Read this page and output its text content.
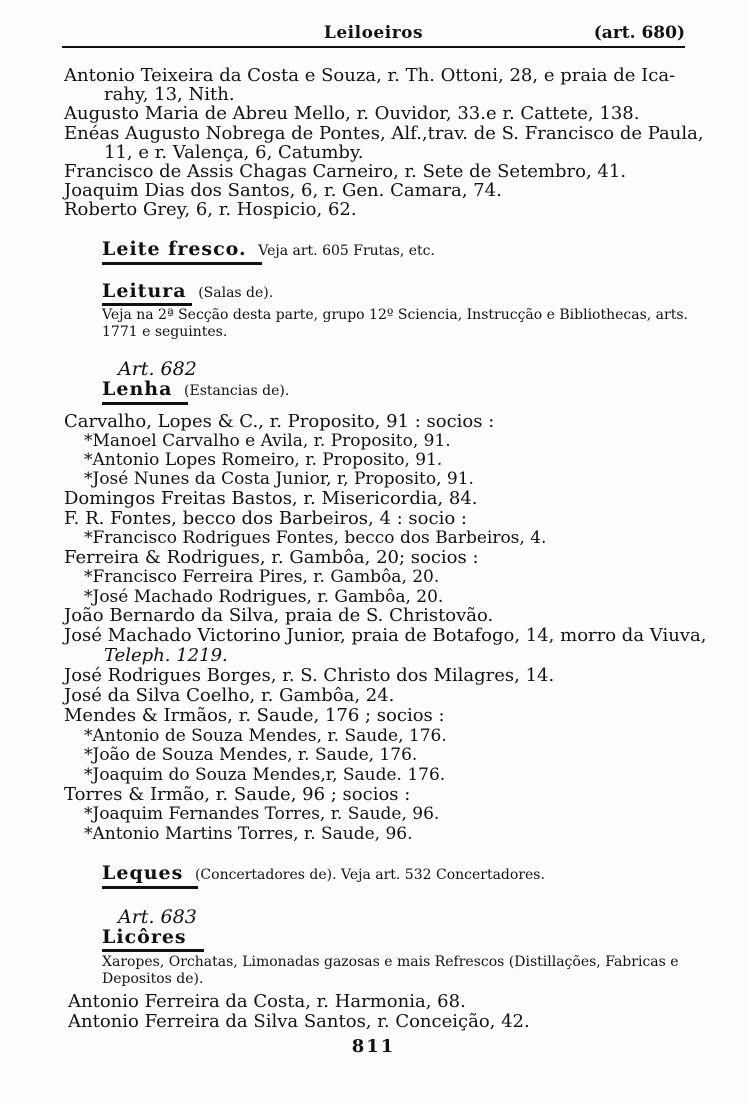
Leiloeiros	(art. 680)
Antonio Teixeira da Costa e Souza, r. Th. Ottoni, 28, e praia de Ica-
rahy, 13, Nith.
Augusto Maria de Abreu Mello, r. Ouvidor, 33.e r. Cattete, 138.
Enéas Augusto Nobrega de Pontes, Alf.,trav. de S. Francisco de Paula,
11, e r. Valença, 6, Catumby.
Francisco de Assis Chagas Carneiro, r. Sete de Setembro, 41.
Joaquim Dias dos Santos, 6, r. Gen. Camara, 74.
Roberto Grey, 6, r. Hospicio, 62.
Leite fresco. Veja art. 605 Frutas, etc.
Leitura (Salas de).
Veja na 2ª Secção desta parte, grupo 12º Sciencia, Instrucção e Bibliothecas, arts.
1771 e seguintes.
Art. 682
Lenha (Estancias de).
Carvalho, Lopes & C., r. Proposito, 91 : socios :
*Manoel Carvalho e Avila, r. Proposito, 91.
*Antonio Lopes Romeiro, r. Proposito, 91.
*José Nunes da Costa Junior, r, Proposito, 91.
Domingos Freitas Bastos, r. Misericordia, 84.
F. R. Fontes, becco dos Barbeiros, 4 : socio :
*Francisco Rodrigues Fontes, becco dos Barbeiros, 4.
Ferreira & Rodrigues, r. Gambôa, 20; socios :
*Francisco Ferreira Pires, r. Gambôa, 20.
*José Machado Rodrigues, r. Gambôa, 20.
João Bernardo da Silva, praia de S. Christovão.
José Machado Victorino Junior, praia de Botafogo, 14, morro da Viuva,
Teleph. 1219.
José Rodrigues Borges, r. S. Christo dos Milagres, 14.
José da Silva Coelho, r. Gambôa, 24.
Mendes & Irmãos, r. Saude, 176 ; socios :
*Antonio de Souza Mendes, r. Saude, 176.
*João de Souza Mendes, r. Saude, 176.
*Joaquim do Souza Mendes,r, Saude. 176.
Torres & Irmão, r. Saude, 96 ; socios :
*Joaquim Fernandes Torres, r. Saude, 96.
*Antonio Martins Torres, r. Saude, 96.
Leques (Concertadores de). Veja art. 532 Concertadores.
Art. 683
Licôres
Xaropes, Orchatas, Limonadas gazosas e mais Refrescos (Distillações, Fabricas e
Depositos de).
Antonio Ferreira da Costa, r. Harmonia, 68.
Antonio Ferreira da Silva Santos, r. Conceição, 42.
811
